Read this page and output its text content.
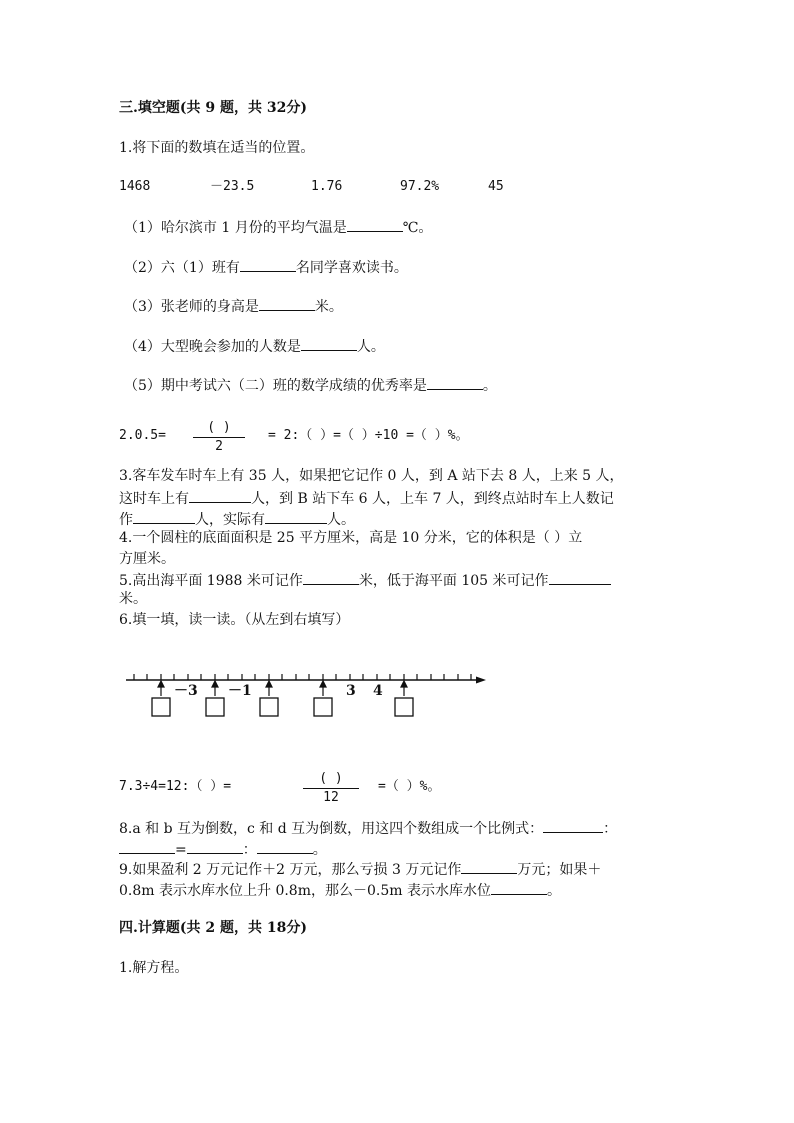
三.填空题(共 9 题，共 32分)
1.将下面的数填在适当的位置。
1468	－23.5	1.76	97.2%	45
（1）哈尔滨市 1 月份的平均气温是	℃。
（2）六（1）班有	名同学喜欢读书。
（3）张老师的身高是	米。
（4）大型晚会参加的人数是	人。
（5）期中考试六（二）班的数学成绩的优秀率是	。
2.0.5=
( )
2
= 2:（ ）=（ ）÷10 =（ ）%。
3.客车发车时车上有 35 人，如果把它记作 0 人，到 A 站下去 8 人，上来 5 人，
这时车上有	人，到 B 站下车 6 人，上车 7 人，到终点站时车上人数记
作	人，实际有	人。
4.一个圆柱的底面面积是 25 平方厘米，高是 10 分米，它的体积是（ ）立
方厘米。
5.高出海平面 1988 米可记作	米，低于海平面 105 米可记作
米。
6.填一填，读一读。（从左到右填写）
－3 －1	3 4
7.3÷4=12:（ ）=
( )
12
=（ ）%。
8.a 和 b 互为倒数，c 和 d 互为倒数，用这四个数组成一个比例式：	：
=	：	。
9.如果盈利 2 万元记作＋2 万元，那么亏损 3 万元记作	万元；如果＋
0.8m 表示水库水位上升 0.8m，那么－0.5m 表示水库水位	。
四.计算题(共 2 题，共 18分)
1.解方程。
